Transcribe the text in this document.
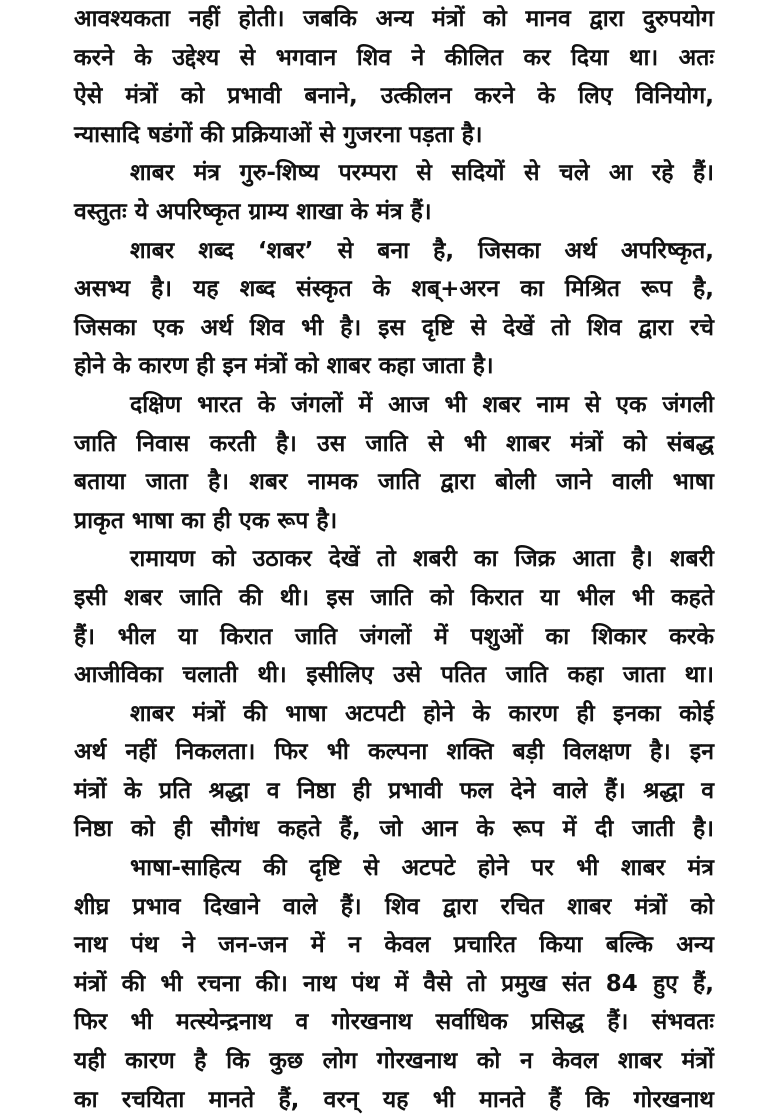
आवश्यकता नहीं होती। जबकि अन्य मंत्रों को मानव द्वारा दुरुपयोग
करने के उद्देश्य से भगवान शिव ने कीलित कर दिया था। अतः
ऐसे मंत्रों को प्रभावी बनाने, उत्कीलन करने के लिए विनियोग,
न्यासादि षडंगों की प्रक्रियाओं से गुजरना पड़ता है।
शाबर मंत्र गुरु-शिष्य परम्परा से सदियों से चले आ रहे हैं।
वस्तुतः ये अपरिष्कृत ग्राम्य शाखा के मंत्र हैं।
शाबर शब्द ‘शबर’ से बना है, जिसका अर्थ अपरिष्कृत,
असभ्य है। यह शब्द संस्कृत के शब्+अरन का मिश्रित रूप है,
जिसका एक अर्थ शिव भी है। इस दृष्टि से देखें तो शिव द्वारा रचे
होने के कारण ही इन मंत्रों को शाबर कहा जाता है।
दक्षिण भारत के जंगलों में आज भी शबर नाम से एक जंगली
जाति निवास करती है। उस जाति से भी शाबर मंत्रों को संबद्ध
बताया जाता है। शबर नामक जाति द्वारा बोली जाने वाली भाषा
प्राकृत भाषा का ही एक रूप है।
रामायण को उठाकर देखें तो शबरी का जिक्र आता है। शबरी
इसी शबर जाति की थी। इस जाति को किरात या भील भी कहते
हैं। भील या किरात जाति जंगलों में पशुओं का शिकार करके
आजीविका चलाती थी। इसीलिए उसे पतित जाति कहा जाता था।
शाबर मंत्रों की भाषा अटपटी होने के कारण ही इनका कोई
अर्थ नहीं निकलता। फिर भी कल्पना शक्ति बड़ी विलक्षण है। इन
मंत्रों के प्रति श्रद्धा व निष्ठा ही प्रभावी फल देने वाले हैं। श्रद्धा व
निष्ठा को ही सौगंध कहते हैं, जो आन के रूप में दी जाती है।
भाषा-साहित्य की दृष्टि से अटपटे होने पर भी शाबर मंत्र
शीघ्र प्रभाव दिखाने वाले हैं। शिव द्वारा रचित शाबर मंत्रों को
नाथ पंथ ने जन-जन में न केवल प्रचारित किया बल्कि अन्य
मंत्रों की भी रचना की। नाथ पंथ में वैसे तो प्रमुख संत 84 हुए हैं,
फिर भी मत्स्येन्द्रनाथ व गोरखनाथ सर्वाधिक प्रसिद्ध हैं। संभवतः
यही कारण है कि कुछ लोग गोरखनाथ को न केवल शाबर मंत्रों
का रचयिता मानते हैं, वरन् यह भी मानते हैं कि गोरखनाथ
